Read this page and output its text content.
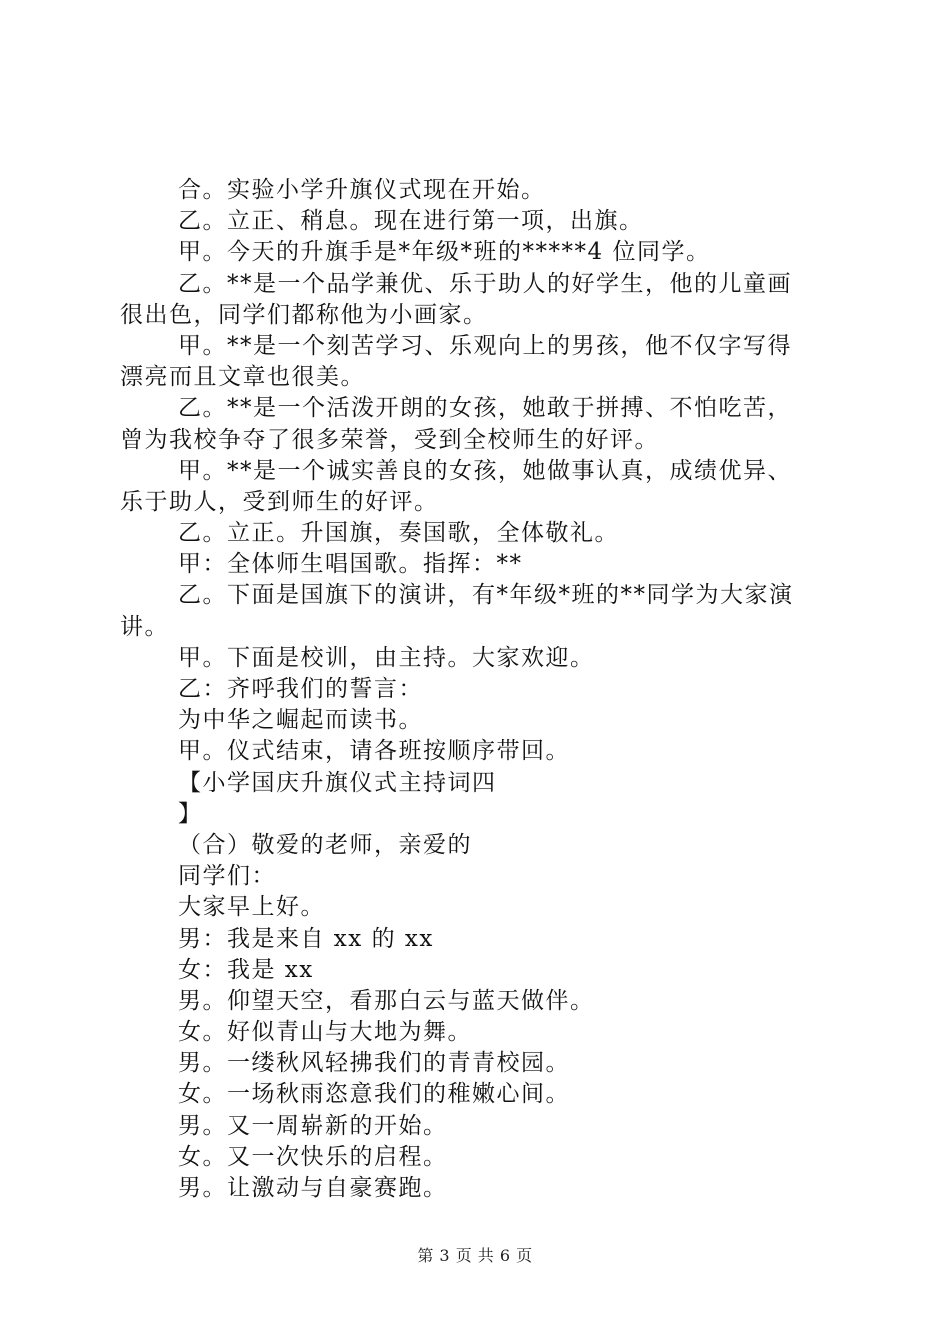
合。实验小学升旗仪式现在开始。
乙。立正、稍息。现在进行第一项，出旗。
甲。今天的升旗手是*年级*班的*****4 位同学。
乙。**是一个品学兼优、乐于助人的好学生，他的儿童画
很出色，同学们都称他为小画家。
甲。**是一个刻苦学习、乐观向上的男孩，他不仅字写得
漂亮而且文章也很美。
乙。**是一个活泼开朗的女孩，她敢于拼搏、不怕吃苦，
曾为我校争夺了很多荣誉，受到全校师生的好评。
甲。**是一个诚实善良的女孩，她做事认真，成绩优异、
乐于助人，受到师生的好评。
乙。立正。升国旗，奏国歌，全体敬礼。
甲：全体师生唱国歌。指挥：**
乙。下面是国旗下的演讲，有*年级*班的**同学为大家演
讲。
甲。下面是校训，由主持。大家欢迎。
乙：齐呼我们的誓言：
为中华之崛起而读书。
甲。仪式结束，请各班按顺序带回。
【小学国庆升旗仪式主持词四
】
（合）敬爱的老师，亲爱的
同学们：
大家早上好。
男：我是来自 xx 的 xx
女：我是 xx
男。仰望天空，看那白云与蓝天做伴。
女。好似青山与大地为舞。
男。一缕秋风轻拂我们的青青校园。
女。一场秋雨恣意我们的稚嫩心间。
男。又一周崭新的开始。
女。又一次快乐的启程。
男。让激动与自豪赛跑。
第 3 页 共 6 页
